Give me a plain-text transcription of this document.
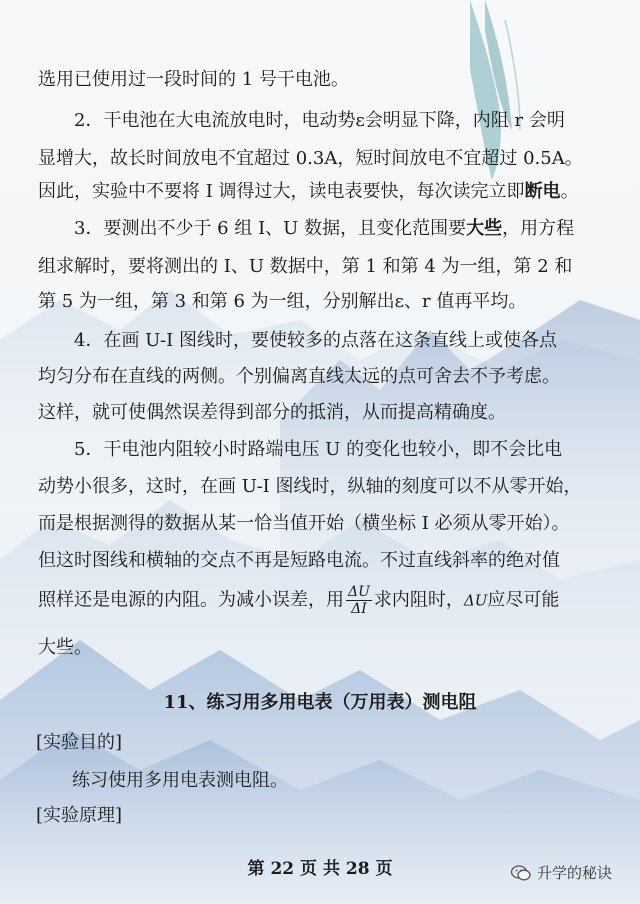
选用已使用过一段时间的 1 号干电池。
2．干电池在大电流放电时，电动势ε会明显下降，内阻 r 会明
显增大，故长时间放电不宜超过 0.3A，短时间放电不宜超过 0.5A。
因此，实验中不要将 I 调得过大，读电表要快，每次读完立即断电。
3．要测出不少于 6 组 I、U 数据，且变化范围要大些，用方程
组求解时，要将测出的 I、U 数据中，第 1 和第 4 为一组，第 2 和
第 5 为一组，第 3 和第 6 为一组，分别解出ε、r 值再平均。
4．在画 U-I 图线时，要使较多的点落在这条直线上或使各点
均匀分布在直线的两侧。个别偏离直线太远的点可舍去不予考虑。
这样，就可使偶然误差得到部分的抵消，从而提高精确度。
5．干电池内阻较小时路端电压 U 的变化也较小，即不会比电
动势小很多，这时，在画 U-I 图线时，纵轴的刻度可以不从零开始，
而是根据测得的数据从某一恰当值开始（横坐标 I 必须从零开始）。
但这时图线和横轴的交点不再是短路电流。不过直线斜率的绝对值
照样还是电源的内阻。为减小误差，用 $\frac{\Delta U}{\Delta I}$ 求内阻时，ΔU应尽可能
大些。
11、练习用多用电表（万用表）测电阻
[实验目的]
练习使用多用电表测电阻。
[实验原理]
第 22 页 共 28 页	升学的秘诀
